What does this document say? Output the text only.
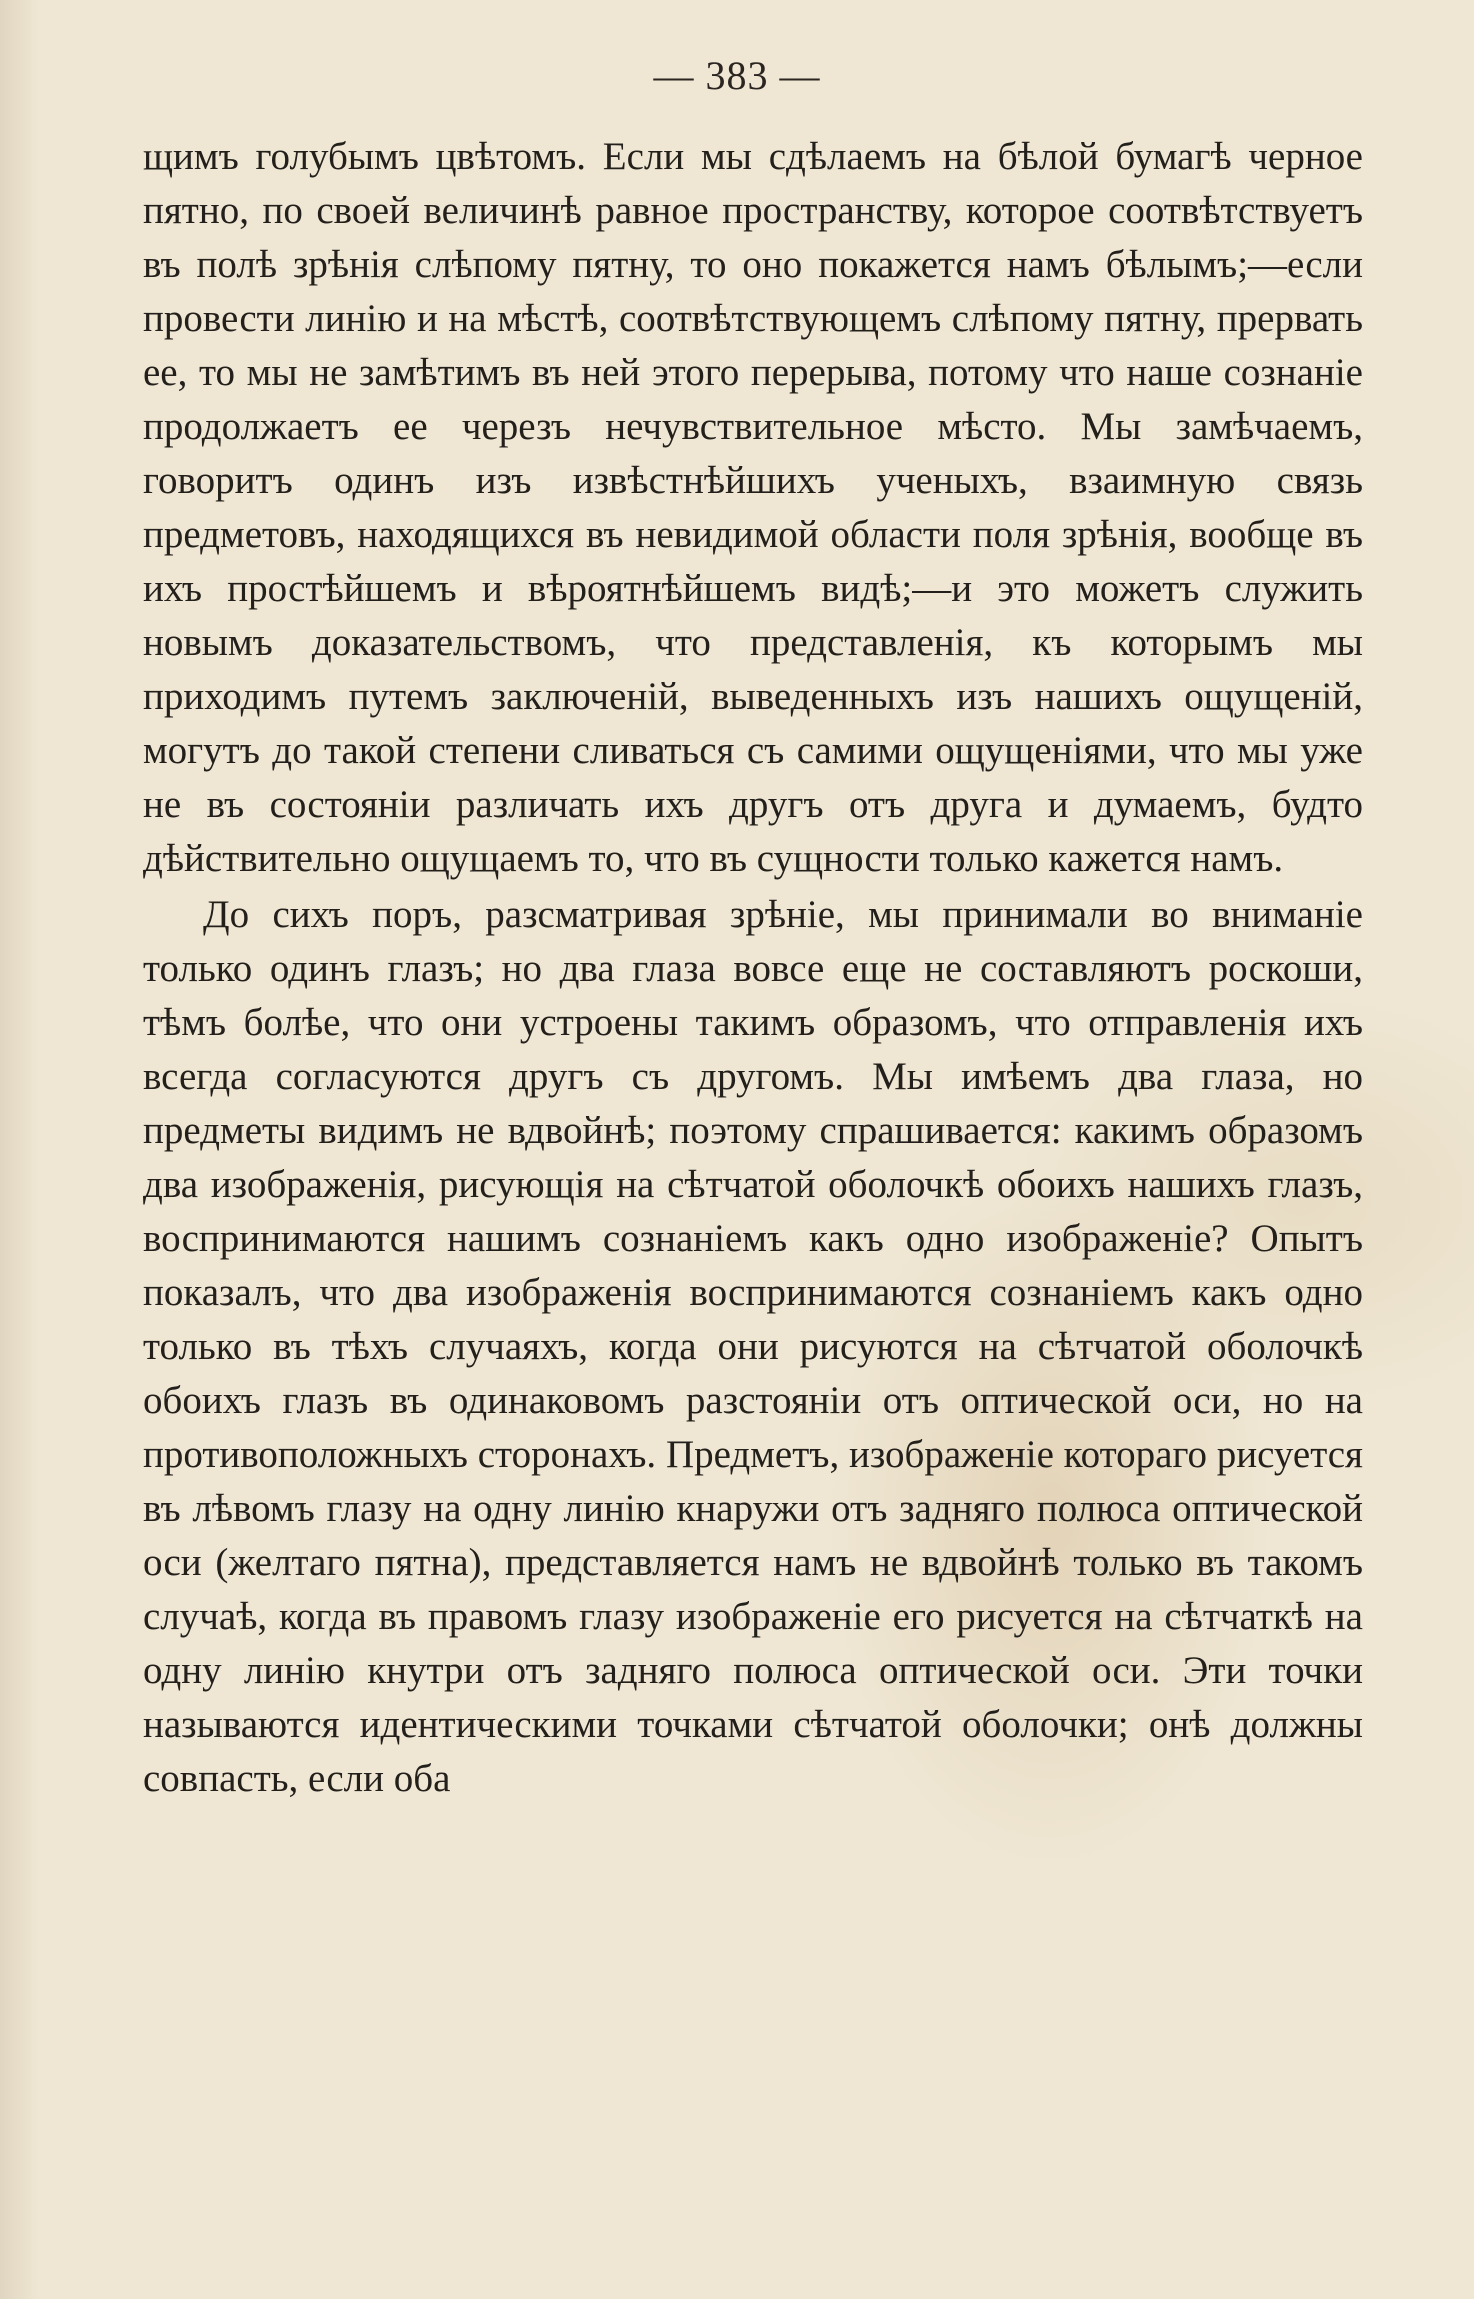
— 383 —

щимъ голубымъ цвѣтомъ. Если мы сдѣлаемъ на бѣлой бумагѣ черное пятно, по своей величинѣ равное пространству, которое соотвѣтствуетъ въ полѣ зрѣнія слѣпому пятну, то оно покажется намъ бѣлымъ;—если провести линію и на мѣстѣ, соотвѣтствующемъ слѣпому пятну, прервать ее, то мы не замѣтимъ въ ней этого перерыва, потому что наше сознаніе продолжаетъ ее черезъ нечувствительное мѣсто. Мы замѣчаемъ, говоритъ одинъ изъ извѣстнѣйшихъ ученыхъ, взаимную связь предметовъ, находящихся въ невидимой области поля зрѣнія, вообще въ ихъ простѣйшемъ и вѣроятнѣйшемъ видѣ;—и это можетъ служить новымъ доказательствомъ, что представленія, къ которымъ мы приходимъ путемъ заключеній, выведенныхъ изъ нашихъ ощущеній, могутъ до такой степени сливаться съ самими ощущеніями, что мы уже не въ состояніи различать ихъ другъ отъ друга и думаемъ, будто дѣйствительно ощущаемъ то, что въ сущности только кажется намъ.

До сихъ поръ, разсматривая зрѣніе, мы принимали во вниманіе только одинъ глазъ; но два глаза вовсе еще не составляютъ роскоши, тѣмъ болѣе, что они устроены такимъ образомъ, что отправленія ихъ всегда согласуются другъ съ другомъ. Мы имѣемъ два глаза, но предметы видимъ не вдвойнѣ; поэтому спрашивается: какимъ образомъ два изображенія, рисующія на сѣтчатой оболочкѣ обоихъ нашихъ глазъ, воспринимаются нашимъ сознаніемъ какъ одно изображеніе? Опытъ показалъ, что два изображенія воспринимаются сознаніемъ какъ одно только въ тѣхъ случаяхъ, когда они рисуются на сѣтчатой оболочкѣ обоихъ глазъ въ одинаковомъ разстояніи отъ оптической оси, но на противоположныхъ сторонахъ. Предметъ, изображеніе котораго рисуется въ лѣвомъ глазу на одну линію кнаружи отъ задняго полюса оптической оси (желтаго пятна), представляется намъ не вдвойнѣ только въ такомъ случаѣ, когда въ правомъ глазу изображеніе его рисуется на сѣтчаткѣ на одну линію кнутри отъ задняго полюса оптической оси. Эти точки называются идентическими точками сѣтчатой оболочки; онѣ должны совпасть, если оба
